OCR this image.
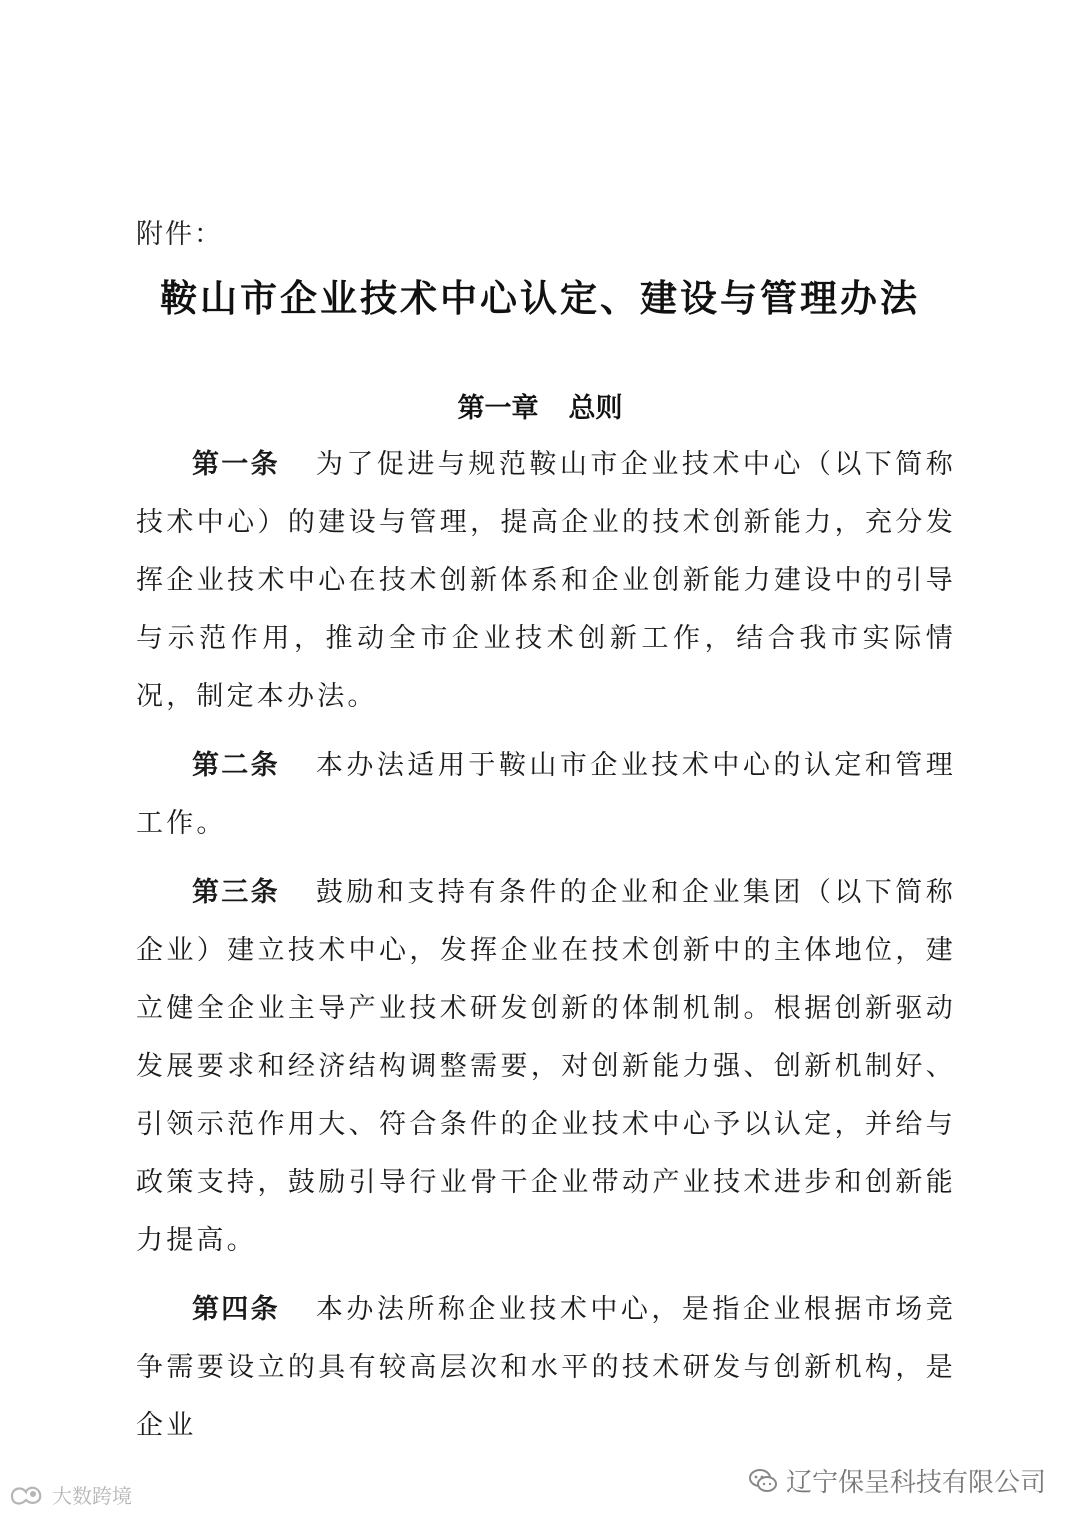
附件：
鞍山市企业技术中心认定、建设与管理办法
第一章 总则

第一条 为了促进与规范鞍山市企业技术中心（以下简称技术中心）的建设与管理，提高企业的技术创新能力，充分发挥企业技术中心在技术创新体系和企业创新能力建设中的引导与示范作用，推动全市企业技术创新工作，结合我市实际情况，制定本办法。

第二条 本办法适用于鞍山市企业技术中心的认定和管理工作。

第三条 鼓励和支持有条件的企业和企业集团（以下简称企业）建立技术中心，发挥企业在技术创新中的主体地位，建立健全企业主导产业技术研发创新的体制机制。根据创新驱动发展要求和经济结构调整需要，对创新能力强、创新机制好、引领示范作用大、符合条件的企业技术中心予以认定，并给与政策支持，鼓励引导行业骨干企业带动产业技术进步和创新能力提高。

第四条 本办法所称企业技术中心，是指企业根据市场竞争需要设立的具有较高层次和水平的技术研发与创新机构，是企业

大数跨境	辽宁保呈科技有限公司
